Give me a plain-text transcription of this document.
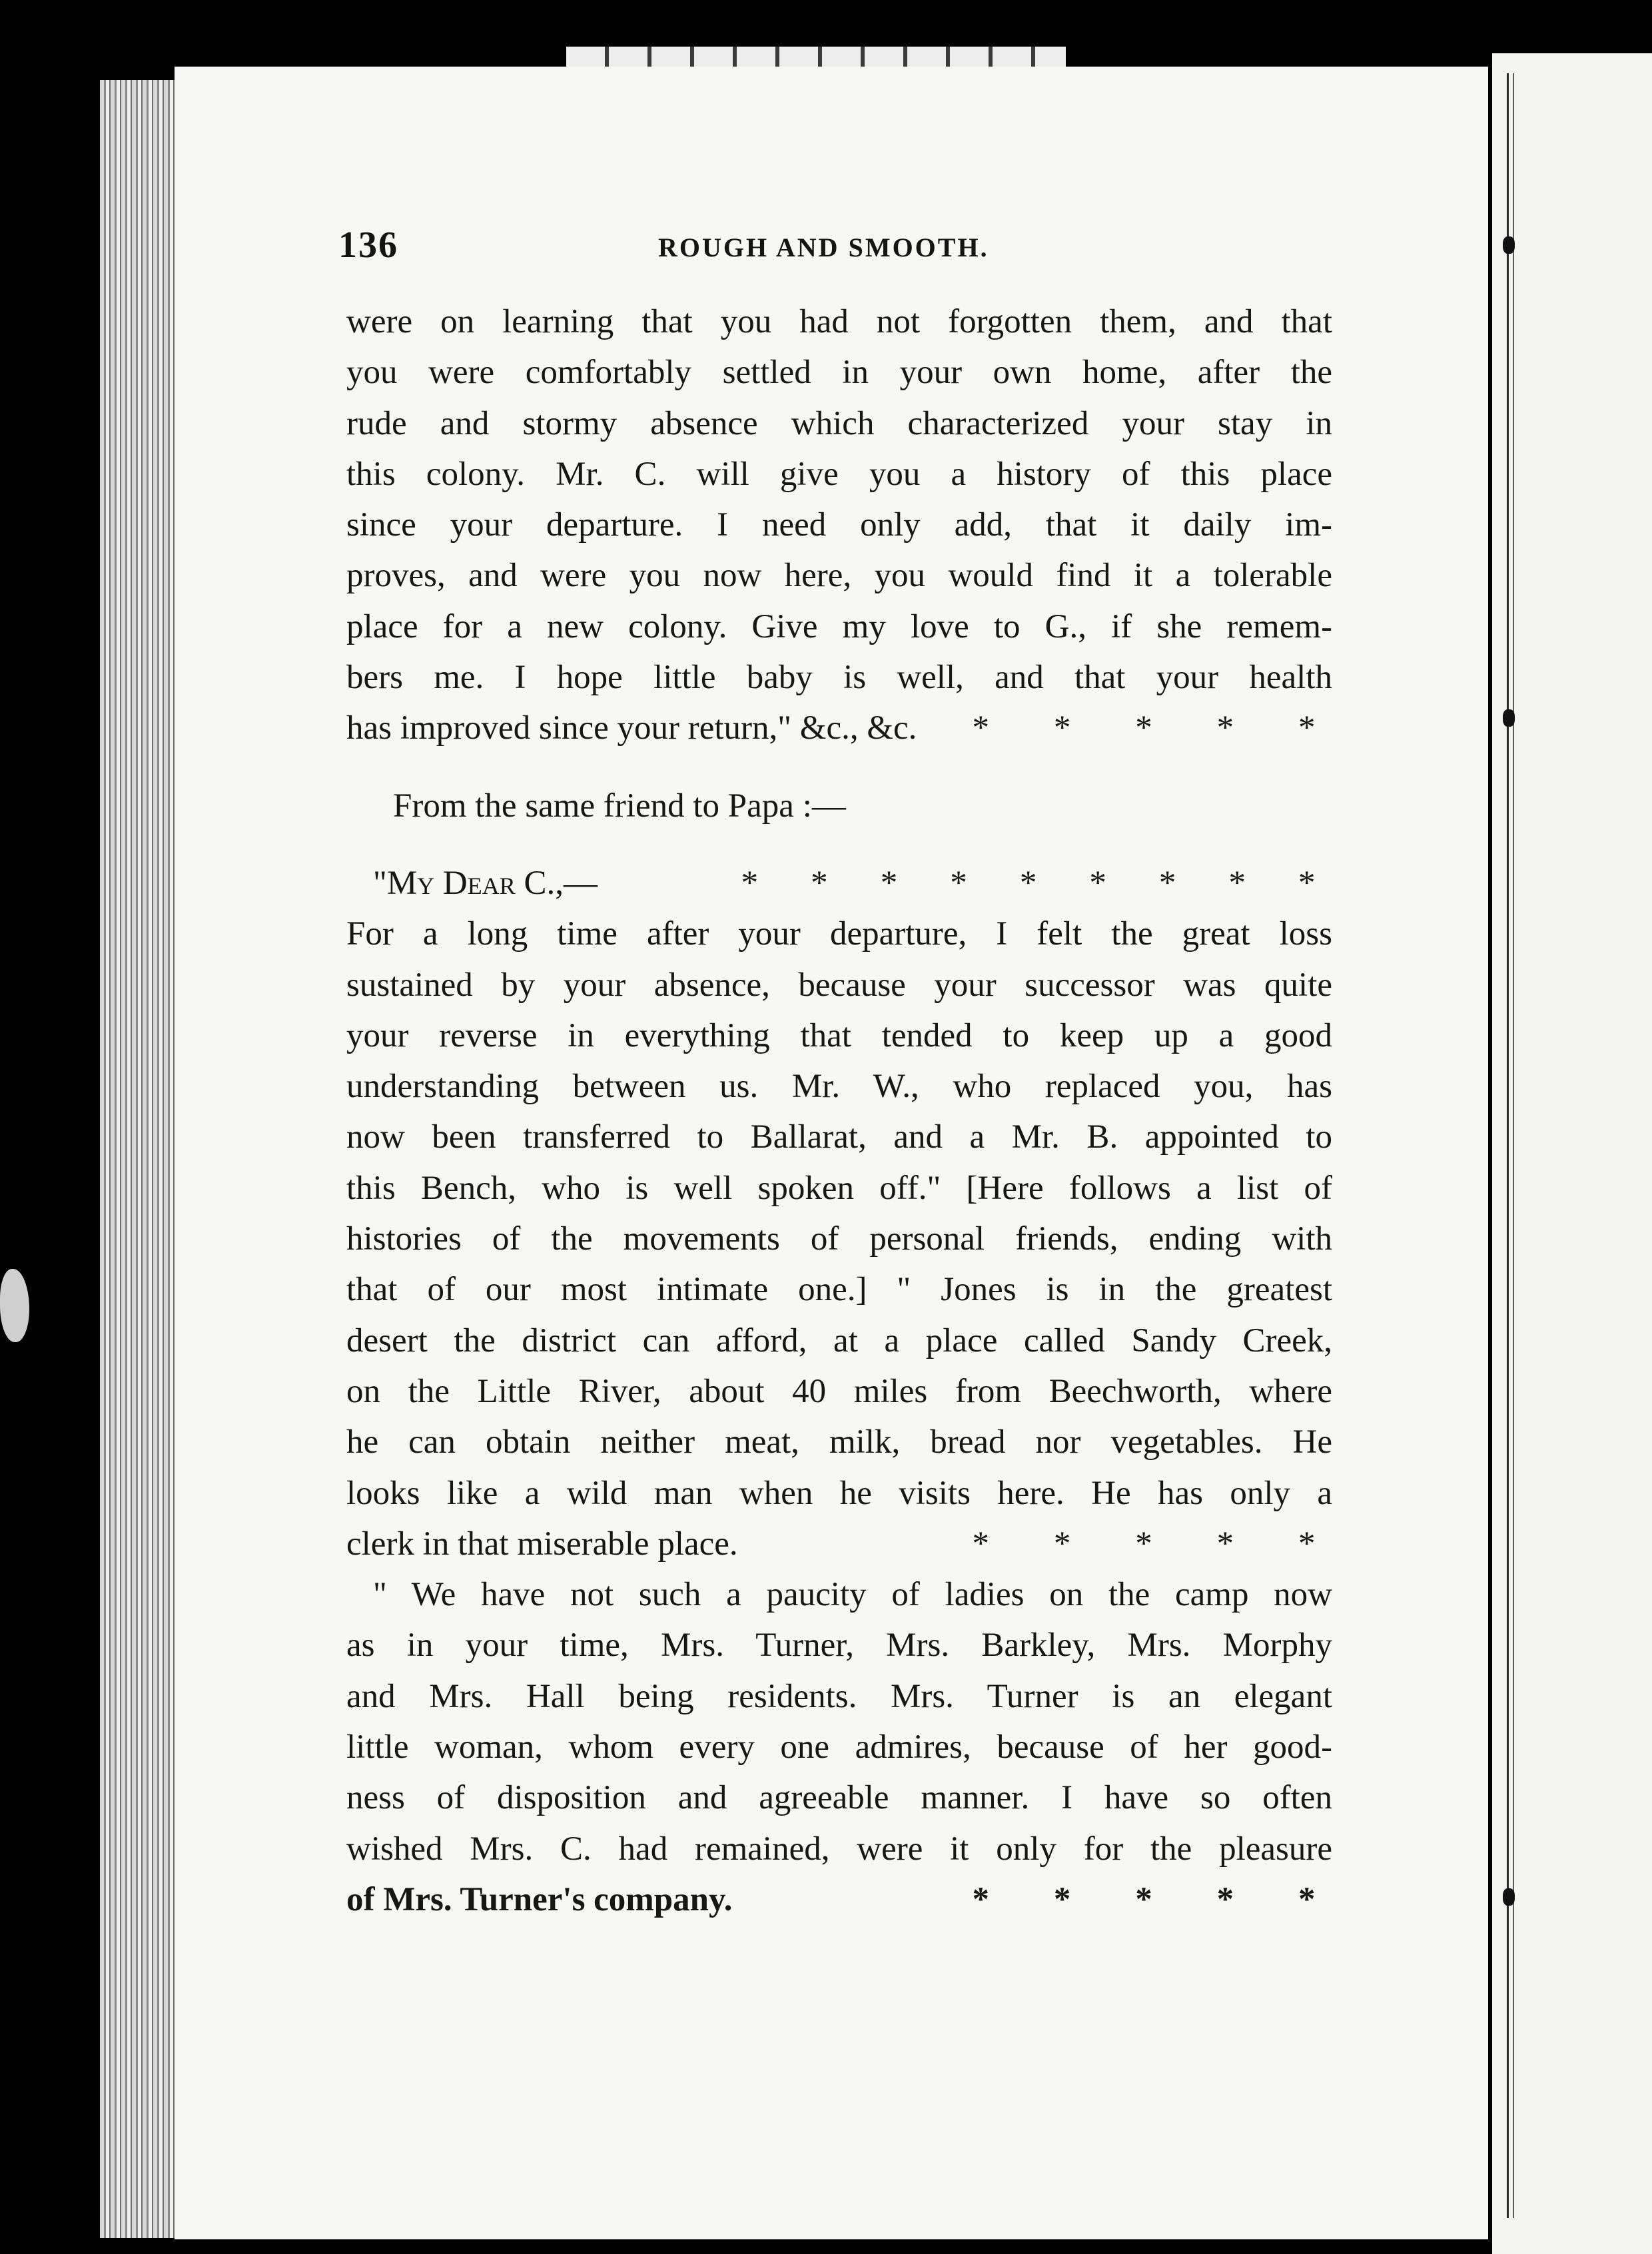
136	ROUGH AND SMOOTH.
were on learning that you had not forgotten them, and that
you were comfortably settled in your own home, after the
rude and stormy absence which characterized your stay in
this colony. Mr. C. will give you a history of this place
since your departure. I need only add, that it daily im-
proves, and were you now here, you would find it a tolerable
place for a new colony. Give my love to G., if she remem-
bers me. I hope little baby is well, and that your health
has improved since your return," &c., &c. * * * * *
From the same friend to Papa :—
"My Dear C.,—	* * * * * * * * *
For a long time after your departure, I felt the great loss
sustained by your absence, because your successor was quite
your reverse in everything that tended to keep up a good
understanding between us. Mr. W., who replaced you, has
now been transferred to Ballarat, and a Mr. B. appointed to
this Bench, who is well spoken off." [Here follows a list of
histories of the movements of personal friends, ending with
that of our most intimate one.] " Jones is in the greatest
desert the district can afford, at a place called Sandy Creek,
on the Little River, about 40 miles from Beechworth, where
he can obtain neither meat, milk, bread nor vegetables. He
looks like a wild man when he visits here. He has only a
clerk in that miserable place.	* * * * *
" We have not such a paucity of ladies on the camp now
as in your time, Mrs. Turner, Mrs. Barkley, Mrs. Morphy
and Mrs. Hall being residents. Mrs. Turner is an elegant
little woman, whom every one admires, because of her good-
ness of disposition and agreeable manner. I have so often
wished Mrs. C. had remained, were it only for the pleasure
of Mrs. Turner's company.	* * * * *
